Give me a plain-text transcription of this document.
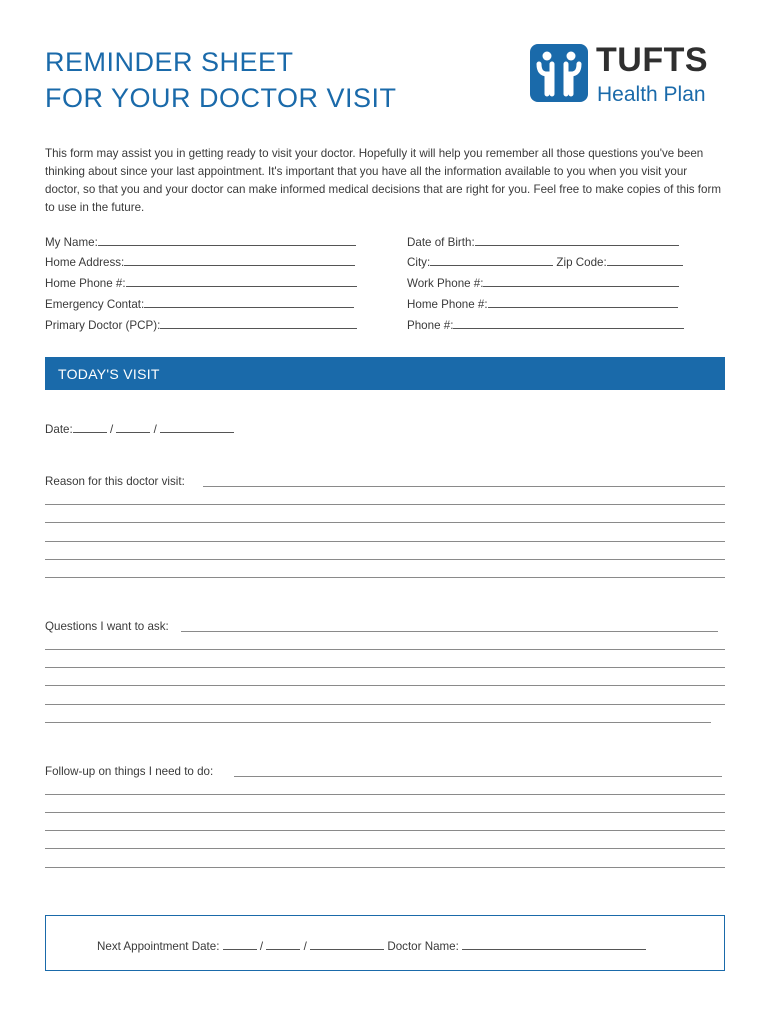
REMINDER SHEET
FOR YOUR DOCTOR VISIT
TUFTS
Health Plan

This form may assist you in getting ready to visit your doctor. Hopefully it will help you remember all those questions you've been thinking about since your last appointment. It's important that you have all the information available to you when you visit your doctor, so that you and your doctor can make informed medical decisions that are right for you. Feel free to make copies of this form to use in the future.

My Name:
Home Address:
Home Phone #:
Emergency Contat:
Primary Doctor (PCP):
Date of Birth:
City:	Zip Code:
Work Phone #:
Home Phone #:
Phone #:
TODAY'S VISIT
Date:	/	/
Reason for this doctor visit:
Questions I want to ask:
Follow-up on things I need to do:
Next Appointment Date:	/	/	Doctor Name:
